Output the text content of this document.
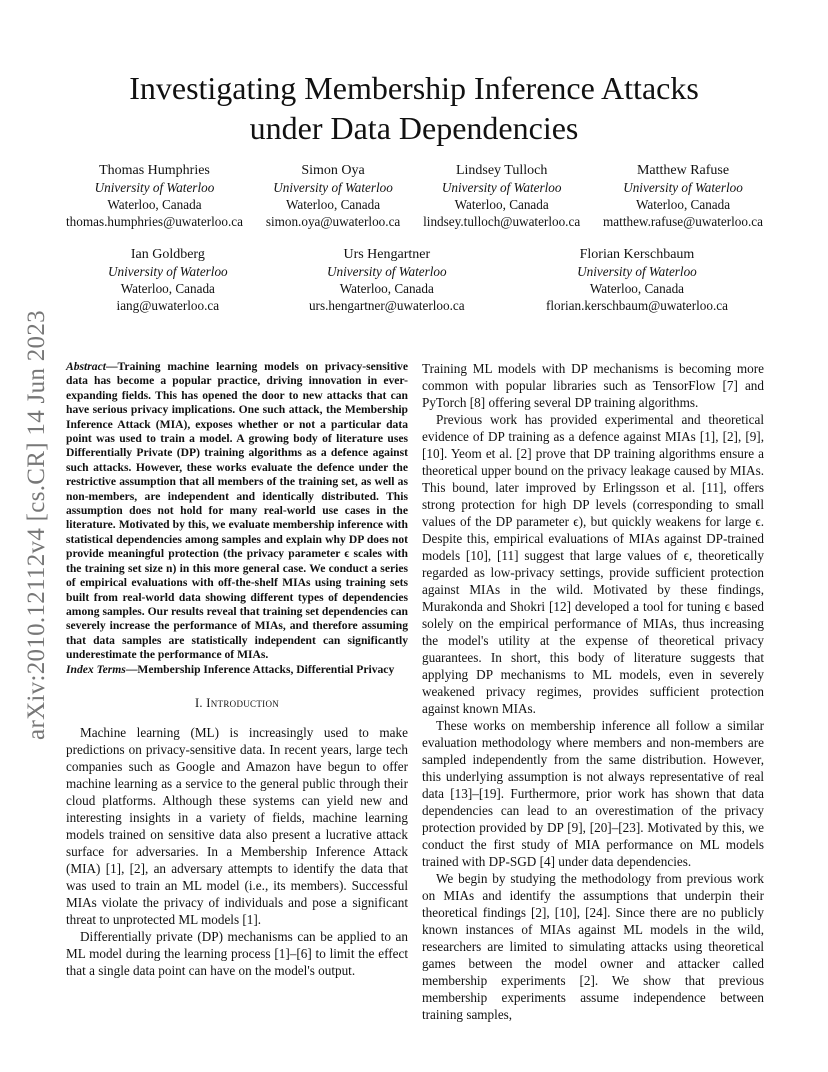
arXiv:2010.12112v4 [cs.CR] 14 Jun 2023
Investigating Membership Inference Attacks
under Data Dependencies
Thomas Humphries
University of Waterloo
Waterloo, Canada
thomas.humphries@uwaterloo.ca
Simon Oya
University of Waterloo
Waterloo, Canada
simon.oya@uwaterloo.ca
Lindsey Tulloch
University of Waterloo
Waterloo, Canada
lindsey.tulloch@uwaterloo.ca
Matthew Rafuse
University of Waterloo
Waterloo, Canada
matthew.rafuse@uwaterloo.ca
Ian Goldberg
University of Waterloo
Waterloo, Canada
iang@uwaterloo.ca
Urs Hengartner
University of Waterloo
Waterloo, Canada
urs.hengartner@uwaterloo.ca
Florian Kerschbaum
University of Waterloo
Waterloo, Canada
florian.kerschbaum@uwaterloo.ca

Abstract—Training machine learning models on privacy-sensitive data has become a popular practice, driving innovation in ever-expanding fields. This has opened the door to new attacks that can have serious privacy implications. One such attack, the Membership Inference Attack (MIA), exposes whether or not a particular data point was used to train a model. A growing body of literature uses Differentially Private (DP) training algorithms as a defence against such attacks. However, these works evaluate the defence under the restrictive assumption that all members of the training set, as well as non-members, are independent and identically distributed. This assumption does not hold for many real-world use cases in the literature. Motivated by this, we evaluate membership inference with statistical dependencies among samples and explain why DP does not provide meaningful protection (the privacy parameter ϵ scales with the training set size n) in this more general case. We conduct a series of empirical evaluations with off-the-shelf MIAs using training sets built from real-world data showing different types of dependencies among samples. Our results reveal that training set dependencies can severely increase the performance of MIAs, and therefore assuming that data samples are statistically independent can significantly underestimate the performance of MIAs.

Index Terms—Membership Inference Attacks, Differential Privacy

I. Introduction

Machine learning (ML) is increasingly used to make predictions on privacy-sensitive data. In recent years, large tech companies such as Google and Amazon have begun to offer machine learning as a service to the general public through their cloud platforms. Although these systems can yield new and interesting insights in a variety of fields, machine learning models trained on sensitive data also present a lucrative attack surface for adversaries. In a Membership Inference Attack (MIA) [1], [2], an adversary attempts to identify the data that was used to train an ML model (i.e., its members). Successful MIAs violate the privacy of individuals and pose a significant threat to unprotected ML models [1].

Differentially private (DP) mechanisms can be applied to an ML model during the learning process [1]–[6] to limit the effect that a single data point can have on the model's output.

Training ML models with DP mechanisms is becoming more common with popular libraries such as TensorFlow [7] and PyTorch [8] offering several DP training algorithms.

Previous work has provided experimental and theoretical evidence of DP training as a defence against MIAs [1], [2], [9], [10]. Yeom et al. [2] prove that DP training algorithms ensure a theoretical upper bound on the privacy leakage caused by MIAs. This bound, later improved by Erlingsson et al. [11], offers strong protection for high DP levels (corresponding to small values of the DP parameter ϵ), but quickly weakens for large ϵ. Despite this, empirical evaluations of MIAs against DP-trained models [10], [11] suggest that large values of ϵ, theoretically regarded as low-privacy settings, provide sufficient protection against MIAs in the wild. Motivated by these findings, Murakonda and Shokri [12] developed a tool for tuning ϵ based solely on the empirical performance of MIAs, thus increasing the model's utility at the expense of theoretical privacy guarantees. In short, this body of literature suggests that applying DP mechanisms to ML models, even in severely weakened privacy regimes, provides sufficient protection against known MIAs.

These works on membership inference all follow a similar evaluation methodology where members and non-members are sampled independently from the same distribution. However, this underlying assumption is not always representative of real data [13]–[19]. Furthermore, prior work has shown that data dependencies can lead to an overestimation of the privacy protection provided by DP [9], [20]–[23]. Motivated by this, we conduct the first study of MIA performance on ML models trained with DP-SGD [4] under data dependencies.

We begin by studying the methodology from previous work on MIAs and identify the assumptions that underpin their theoretical findings [2], [10], [24]. Since there are no publicly known instances of MIAs against ML models in the wild, researchers are limited to simulating attacks using theoretical games between the model owner and attacker called membership experiments [2]. We show that previous membership experiments assume independence between training samples,
